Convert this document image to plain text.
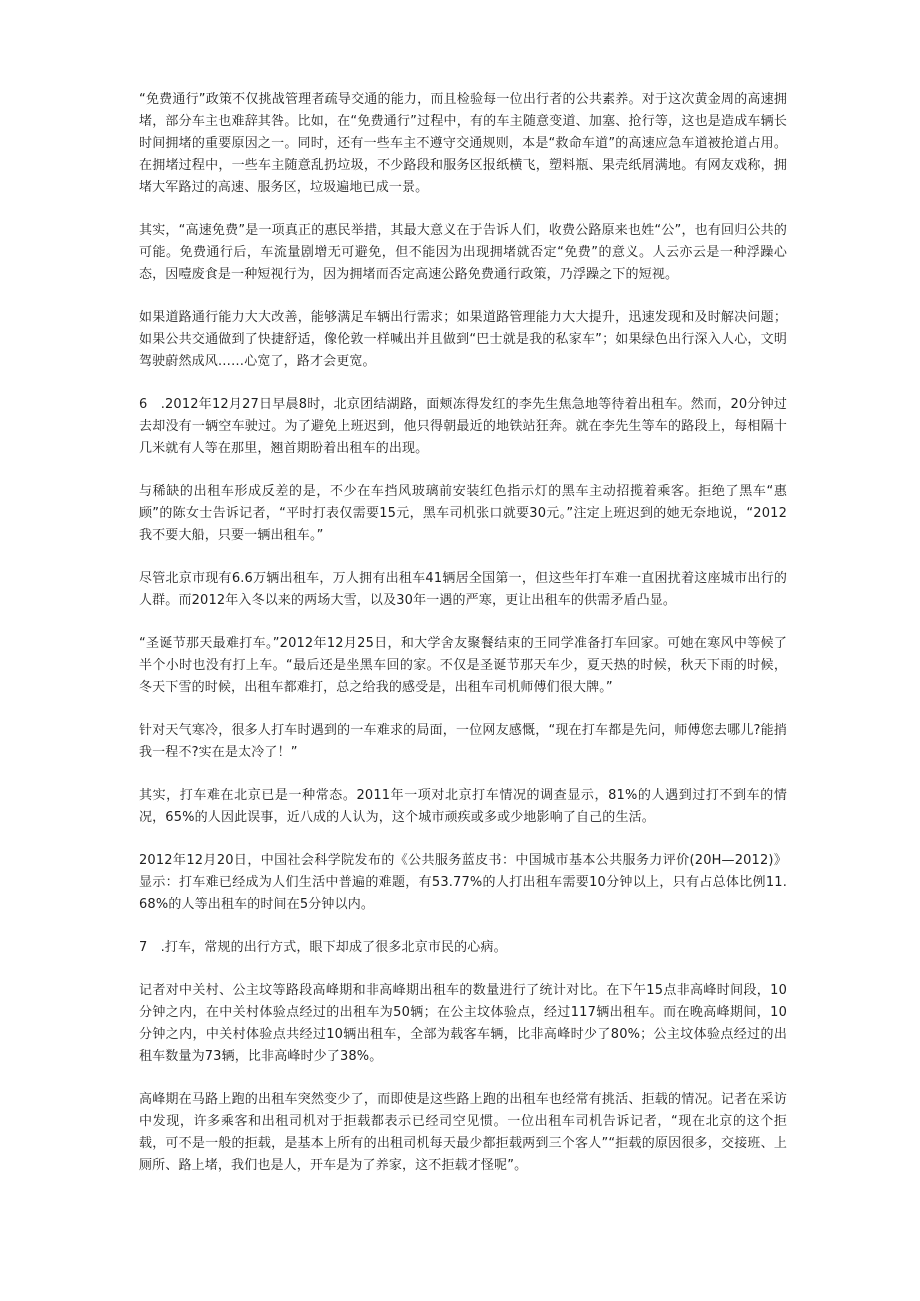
“免费通行”政策不仅挑战管理者疏导交通的能力，而且检验每一位出行者的公共素养。对于这次黄金周的高速拥堵，部分车主也难辞其咎。比如，在“免费通行”过程中，有的车主随意变道、加塞、抢行等，这也是造成车辆长时间拥堵的重要原因之一。同时，还有一些车主不遵守交通规则，本是“救命车道”的高速应急车道被抢道占用。在拥堵过程中，一些车主随意乱扔垃圾，不少路段和服务区报纸横飞，塑料瓶、果壳纸屑满地。有网友戏称，拥堵大军路过的高速、服务区，垃圾遍地已成一景。

其实，“高速免费”是一项真正的惠民举措，其最大意义在于告诉人们，收费公路原来也姓“公”，也有回归公共的可能。免费通行后，车流量剧增无可避免，但不能因为出现拥堵就否定“免费”的意义。人云亦云是一种浮躁心态，因噎废食是一种短视行为，因为拥堵而否定高速公路免费通行政策，乃浮躁之下的短视。

如果道路通行能力大大改善，能够满足车辆出行需求；如果道路管理能力大大提升，迅速发现和及时解决问题；如果公共交通做到了快捷舒适，像伦敦一样喊出并且做到“巴士就是我的私家车”；如果绿色出行深入人心，文明驾驶蔚然成风……心宽了，路才会更宽。

6　.2012年12月27日早晨8时，北京团结湖路，面颊冻得发红的李先生焦急地等待着出租车。然而，20分钟过去却没有一辆空车驶过。为了避免上班迟到，他只得朝最近的地铁站狂奔。就在李先生等车的路段上，每相隔十几米就有人等在那里，翘首期盼着出租车的出现。

与稀缺的出租车形成反差的是，不少在车挡风玻璃前安装红色指示灯的黑车主动招揽着乘客。拒绝了黑车“惠顾”的陈女士告诉记者，“平时打表仅需要15元，黑车司机张口就要30元。”注定上班迟到的她无奈地说，“2012我不要大船，只要一辆出租车。”

尽管北京市现有6.6万辆出租车，万人拥有出租车41辆居全国第一，但这些年打车难一直困扰着这座城市出行的人群。而2012年入冬以来的两场大雪，以及30年一遇的严寒，更让出租车的供需矛盾凸显。

“圣诞节那天最难打车。”2012年12月25日，和大学舍友聚餐结束的王同学准备打车回家。可她在寒风中等候了半个小时也没有打上车。“最后还是坐黑车回的家。不仅是圣诞节那天车少，夏天热的时候，秋天下雨的时候，冬天下雪的时候，出租车都难打，总之给我的感受是，出租车司机师傅们很大牌。”

针对天气寒冷，很多人打车时遇到的一车难求的局面，一位网友感慨，“现在打车都是先问，师傅您去哪儿?能捎我一程不?实在是太冷了！”

其实，打车难在北京已是一种常态。2011年一项对北京打车情况的调查显示，81%的人遇到过打不到车的情况，65%的人因此误事，近八成的人认为，这个城市顽疾或多或少地影响了自己的生活。

2012年12月20日，中国社会科学院发布的《公共服务蓝皮书：中国城市基本公共服务力评价(20H—2012)》显示：打车难已经成为人们生活中普遍的难题，有53.77%的人打出租车需要10分钟以上，只有占总体比例11. 68%的人等出租车的时间在5分钟以内。

7　.打车，常规的出行方式，眼下却成了很多北京市民的心病。

记者对中关村、公主坟等路段高峰期和非高峰期出租车的数量进行了统计对比。在下午15点非高峰时间段，10分钟之内，在中关村体验点经过的出租车为50辆；在公主坟体验点，经过117辆出租车。而在晚高峰期间，10分钟之内，中关村体验点共经过10辆出租车，全部为载客车辆，比非高峰时少了80%；公主坟体验点经过的出租车数量为73辆，比非高峰时少了38%。

高峰期在马路上跑的出租车突然变少了，而即使是这些路上跑的出租车也经常有挑活、拒载的情况。记者在采访中发现，许多乘客和出租司机对于拒载都表示已经司空见惯。一位出租车司机告诉记者，“现在北京的这个拒载，可不是一般的拒载，是基本上所有的出租司机每天最少都拒载两到三个客人”“拒载的原因很多，交接班、上厕所、路上堵，我们也是人，开车是为了养家，这不拒载才怪呢”。
